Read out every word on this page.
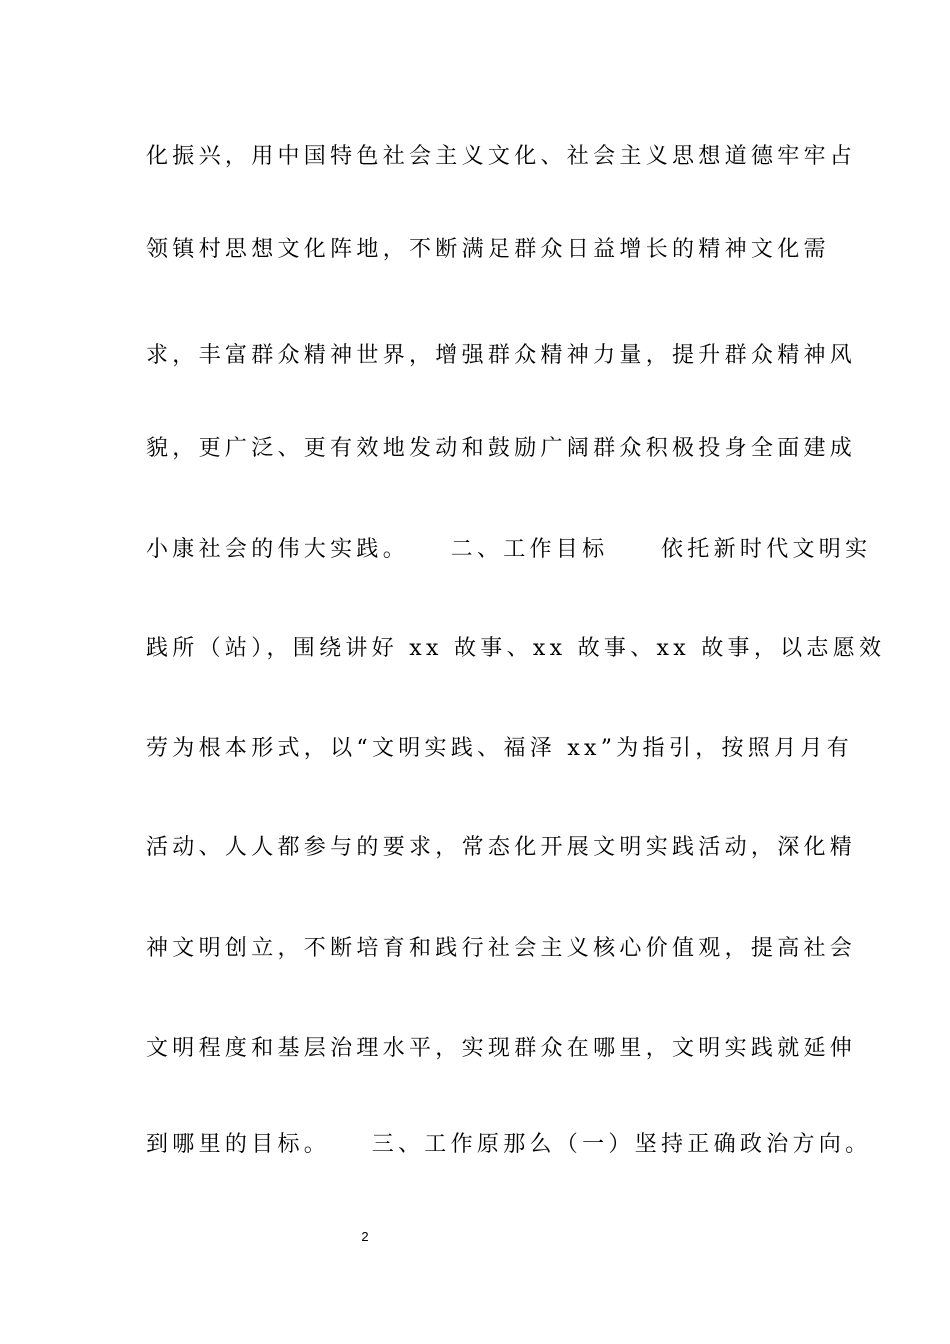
化振兴，用中国特色社会主义文化、社会主义思想道德牢牢占
领镇村思想文化阵地，不断满足群众日益增长的精神文化需
求，丰富群众精神世界，增强群众精神力量，提升群众精神风
貌，更广泛、更有效地发动和鼓励广阔群众积极投身全面建成
小康社会的伟大实践。　　二、工作目标　　依托新时代文明实
践所（站），围绕讲好 xx 故事、xx 故事、xx 故事，以志愿效
劳为根本形式，以“文明实践、福泽 xx”为指引，按照月月有
活动、人人都参与的要求，常态化开展文明实践活动，深化精
神文明创立，不断培育和践行社会主义核心价值观，提高社会
文明程度和基层治理水平，实现群众在哪里，文明实践就延伸
到哪里的目标。　　三、工作原那么（一）坚持正确政治方向。
2
